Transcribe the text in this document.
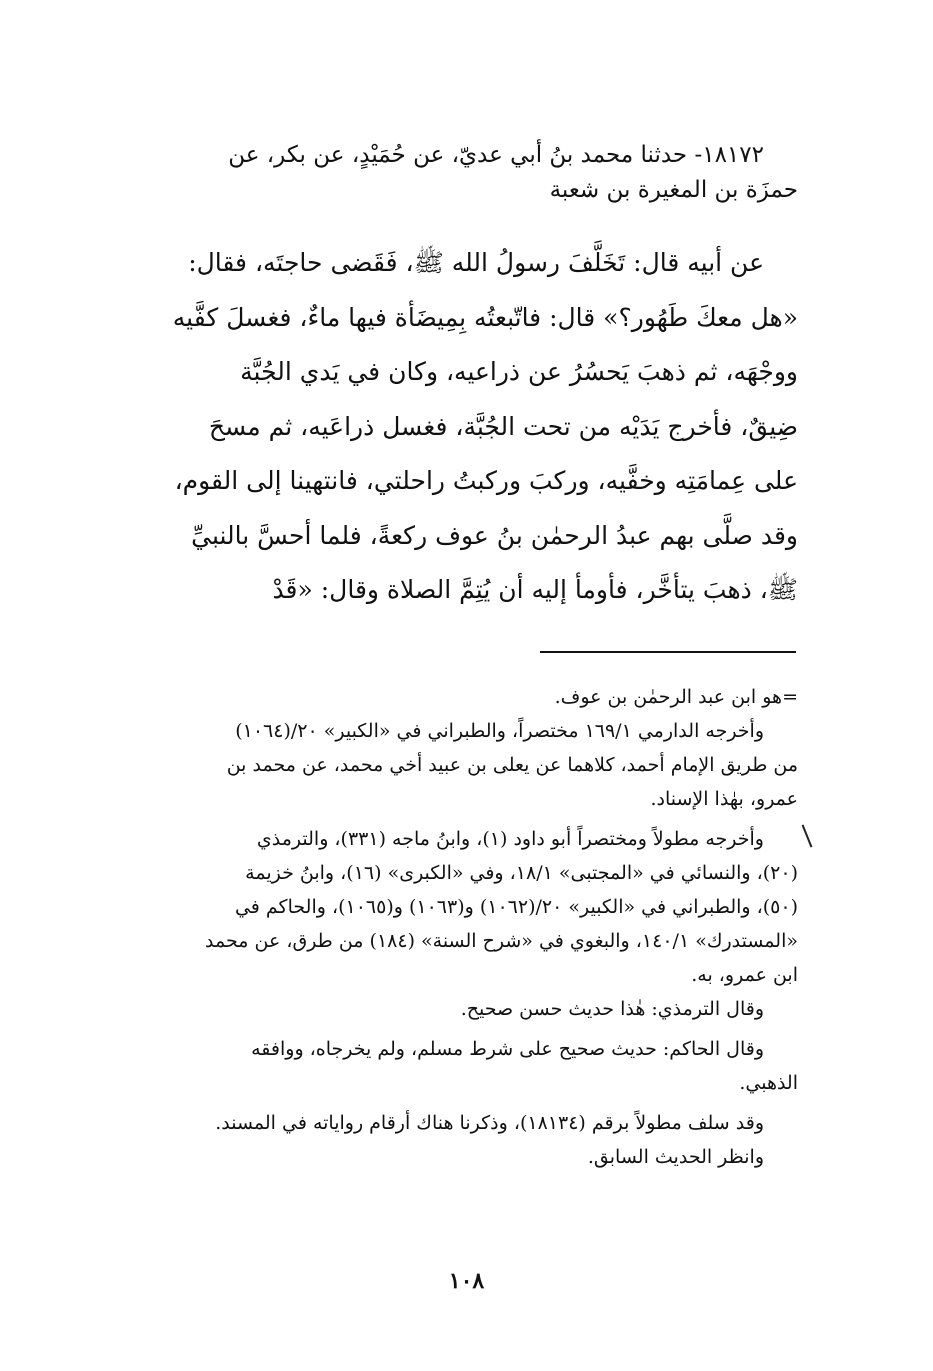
١٨١٧٢- حدثنا محمد بنُ أبي عديّ، عن حُمَيْدٍ، عن بكر، عن

حمزَة بن المغيرة بن شعبة

عن أبيه قال: تَخَلَّفَ رسولُ الله ﷺ، فَقَضى حاجتَه، فقال:

«هل معكَ طَهُور؟» قال: فاتّبعتُه بِمِيضَأة فيها ماءٌ، فغسلَ كفَّيه

ووجْهَه، ثم ذهبَ يَحسُرُ عن ذراعيه، وكان في يَدي الجُبَّة

ضِيقٌ، فأخرج يَدَيْه من تحت الجُبَّة، فغسل ذراعَيه، ثم مسحَ

على عِمامَتِه وخفَّيه، وركبَ وركبتُ راحلتي، فانتهينا إلى القوم،

وقد صلَّى بهم عبدُ الرحمٰن بنُ عوف ركعةً، فلما أحسَّ بالنبيِّ

ﷺ، ذهبَ يتأخَّر، فأومأ إليه أن يُتِمَّ الصلاة وقال: «قَدْ

=هو ابن عبد الرحمٰن بن عوف.

وأخرجه الدارمي ١٦٩/١ مختصراً، والطبراني في «الكبير» ٢٠/(١٠٦٤)

من طريق الإمام أحمد، كلاهما عن يعلى بن عبيد أخي محمد، عن محمد بن

عمرو، بهٰذا الإسناد.

وأخرجه مطولاً ومختصراً أبو داود (١)، وابنُ ماجه (٣٣١)، والترمذي

(٢٠)، والنسائي في «المجتبى» ١٨/١، وفي «الكبرى» (١٦)، وابنُ خزيمة

(٥٠)، والطبراني في «الكبير» ٢٠/(١٠٦٢) و(١٠٦٣) و(١٠٦٥)، والحاكم في

«المستدرك» ١٤٠/١، والبغوي في «شرح السنة» (١٨٤) من طرق، عن محمد

ابن عمرو، به.

وقال الترمذي: هٰذا حديث حسن صحيح.

وقال الحاكم: حديث صحيح على شرط مسلم، ولم يخرجاه، ووافقه

الذهبي.

وقد سلف مطولاً برقم (١٨١٣٤)، وذكرنا هناك أرقام رواياته في المسند.

وانظر الحديث السابق.

١٠٨
